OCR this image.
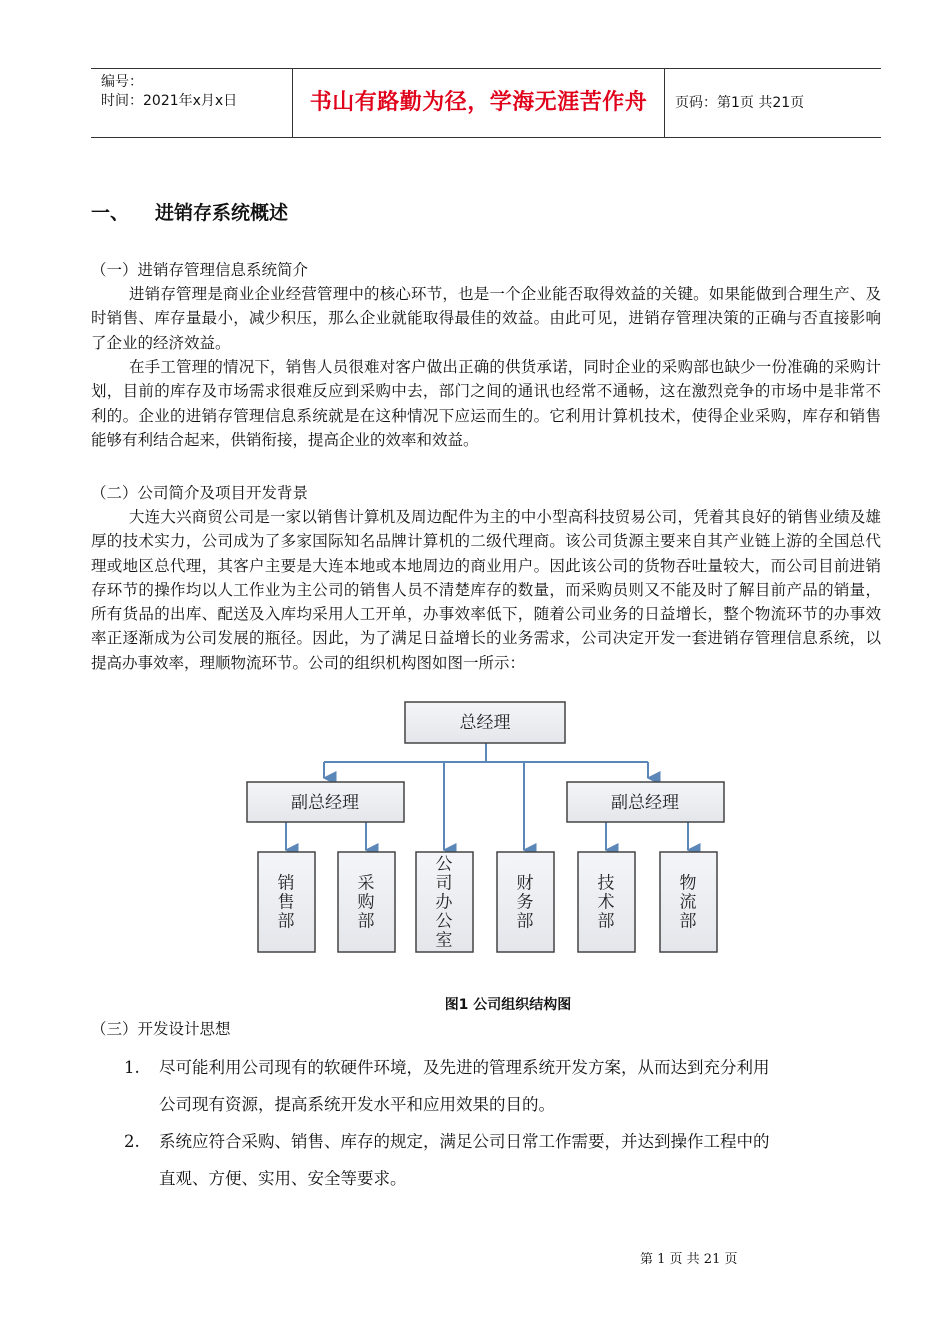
编号：
时间：2021年x月x日	书山有路勤为径，学海无涯苦作舟	页码：第1页 共21页
一、 进销存系统概述
（一）进销存管理信息系统简介

进销存管理是商业企业经营管理中的核心环节，也是一个企业能否取得效益的关键。如果能做到合理生产、及时销售、库存量最小，减少积压，那么企业就能取得最佳的效益。由此可见，进销存管理决策的正确与否直接影响了企业的经济效益。

在手工管理的情况下，销售人员很难对客户做出正确的供货承诺，同时企业的采购部也缺少一份准确的采购计划，目前的库存及市场需求很难反应到采购中去，部门之间的通讯也经常不通畅，这在激烈竞争的市场中是非常不利的。企业的进销存管理信息系统就是在这种情况下应运而生的。它利用计算机技术，使得企业采购，库存和销售能够有利结合起来，供销衔接，提高企业的效率和效益。

（二）公司简介及项目开发背景

大连大兴商贸公司是一家以销售计算机及周边配件为主的中小型高科技贸易公司，凭着其良好的销售业绩及雄厚的技术实力，公司成为了多家国际知名品牌计算机的二级代理商。该公司货源主要来自其产业链上游的全国总代理或地区总代理，其客户主要是大连本地或本地周边的商业用户。因此该公司的货物吞吐量较大，而公司目前进销存环节的操作均以人工作业为主公司的销售人员不清楚库存的数量，而采购员则又不能及时了解目前产品的销量，所有货品的出库、配送及入库均采用人工开单，办事效率低下，随着公司业务的日益增长，整个物流环节的办事效率正逐渐成为公司发展的瓶径。因此，为了满足日益增长的业务需求，公司决定开发一套进销存管理信息系统，以提高办事效率，理顺物流环节。公司的组织机构图如图一所示：

总经理
副总经理	副总经理
销
售
部
采
购
部
公
司
办
公
室
财
务
部
技
术
部
物
流
部
图1 公司组织结构图
（三）开发设计思想
1. 尽可能利用公司现有的软硬件环境，及先进的管理系统开发方案，从而达到充分利用
公司现有资源，提高系统开发水平和应用效果的目的。
2. 系统应符合采购、销售、库存的规定，满足公司日常工作需要，并达到操作工程中的
直观、方便、实用、安全等要求。
第 1 页 共 21 页
